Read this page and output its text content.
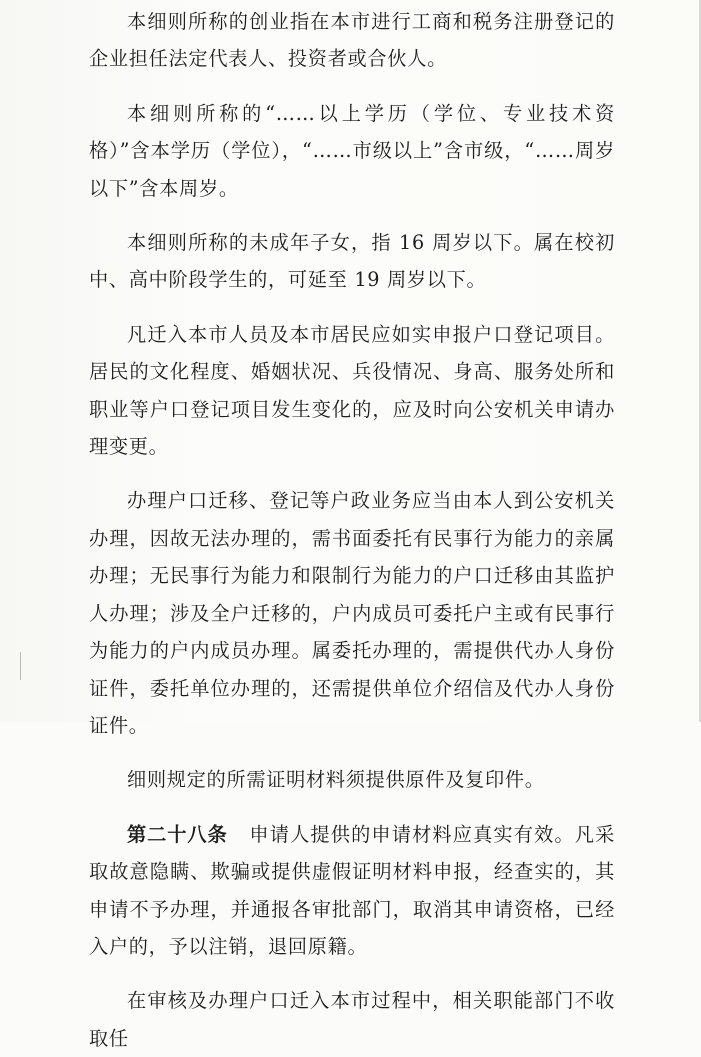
本细则所称的创业指在本市进行工商和税务注册登记的企业担任法定代表人、投资者或合伙人。

本细则所称的“……以上学历（学位、专业技术资格）”含本学历（学位），“……市级以上”含市级，“……周岁以下”含本周岁。

本细则所称的未成年子女，指 16 周岁以下。属在校初中、高中阶段学生的，可延至 19 周岁以下。

凡迁入本市人员及本市居民应如实申报户口登记项目。居民的文化程度、婚姻状况、兵役情况、身高、服务处所和职业等户口登记项目发生变化的，应及时向公安机关申请办理变更。

办理户口迁移、登记等户政业务应当由本人到公安机关办理，因故无法办理的，需书面委托有民事行为能力的亲属办理；无民事行为能力和限制行为能力的户口迁移由其监护人办理；涉及全户迁移的，户内成员可委托户主或有民事行为能力的户内成员办理。属委托办理的，需提供代办人身份证件，委托单位办理的，还需提供单位介绍信及代办人身份证件。

细则规定的所需证明材料须提供原件及复印件。

第二十八条 申请人提供的申请材料应真实有效。凡采取故意隐瞒、欺骗或提供虚假证明材料申报，经查实的，其申请不予办理，并通报各审批部门，取消其申请资格，已经入户的，予以注销，退回原籍。

在审核及办理户口迁入本市过程中，相关职能部门不收取任
